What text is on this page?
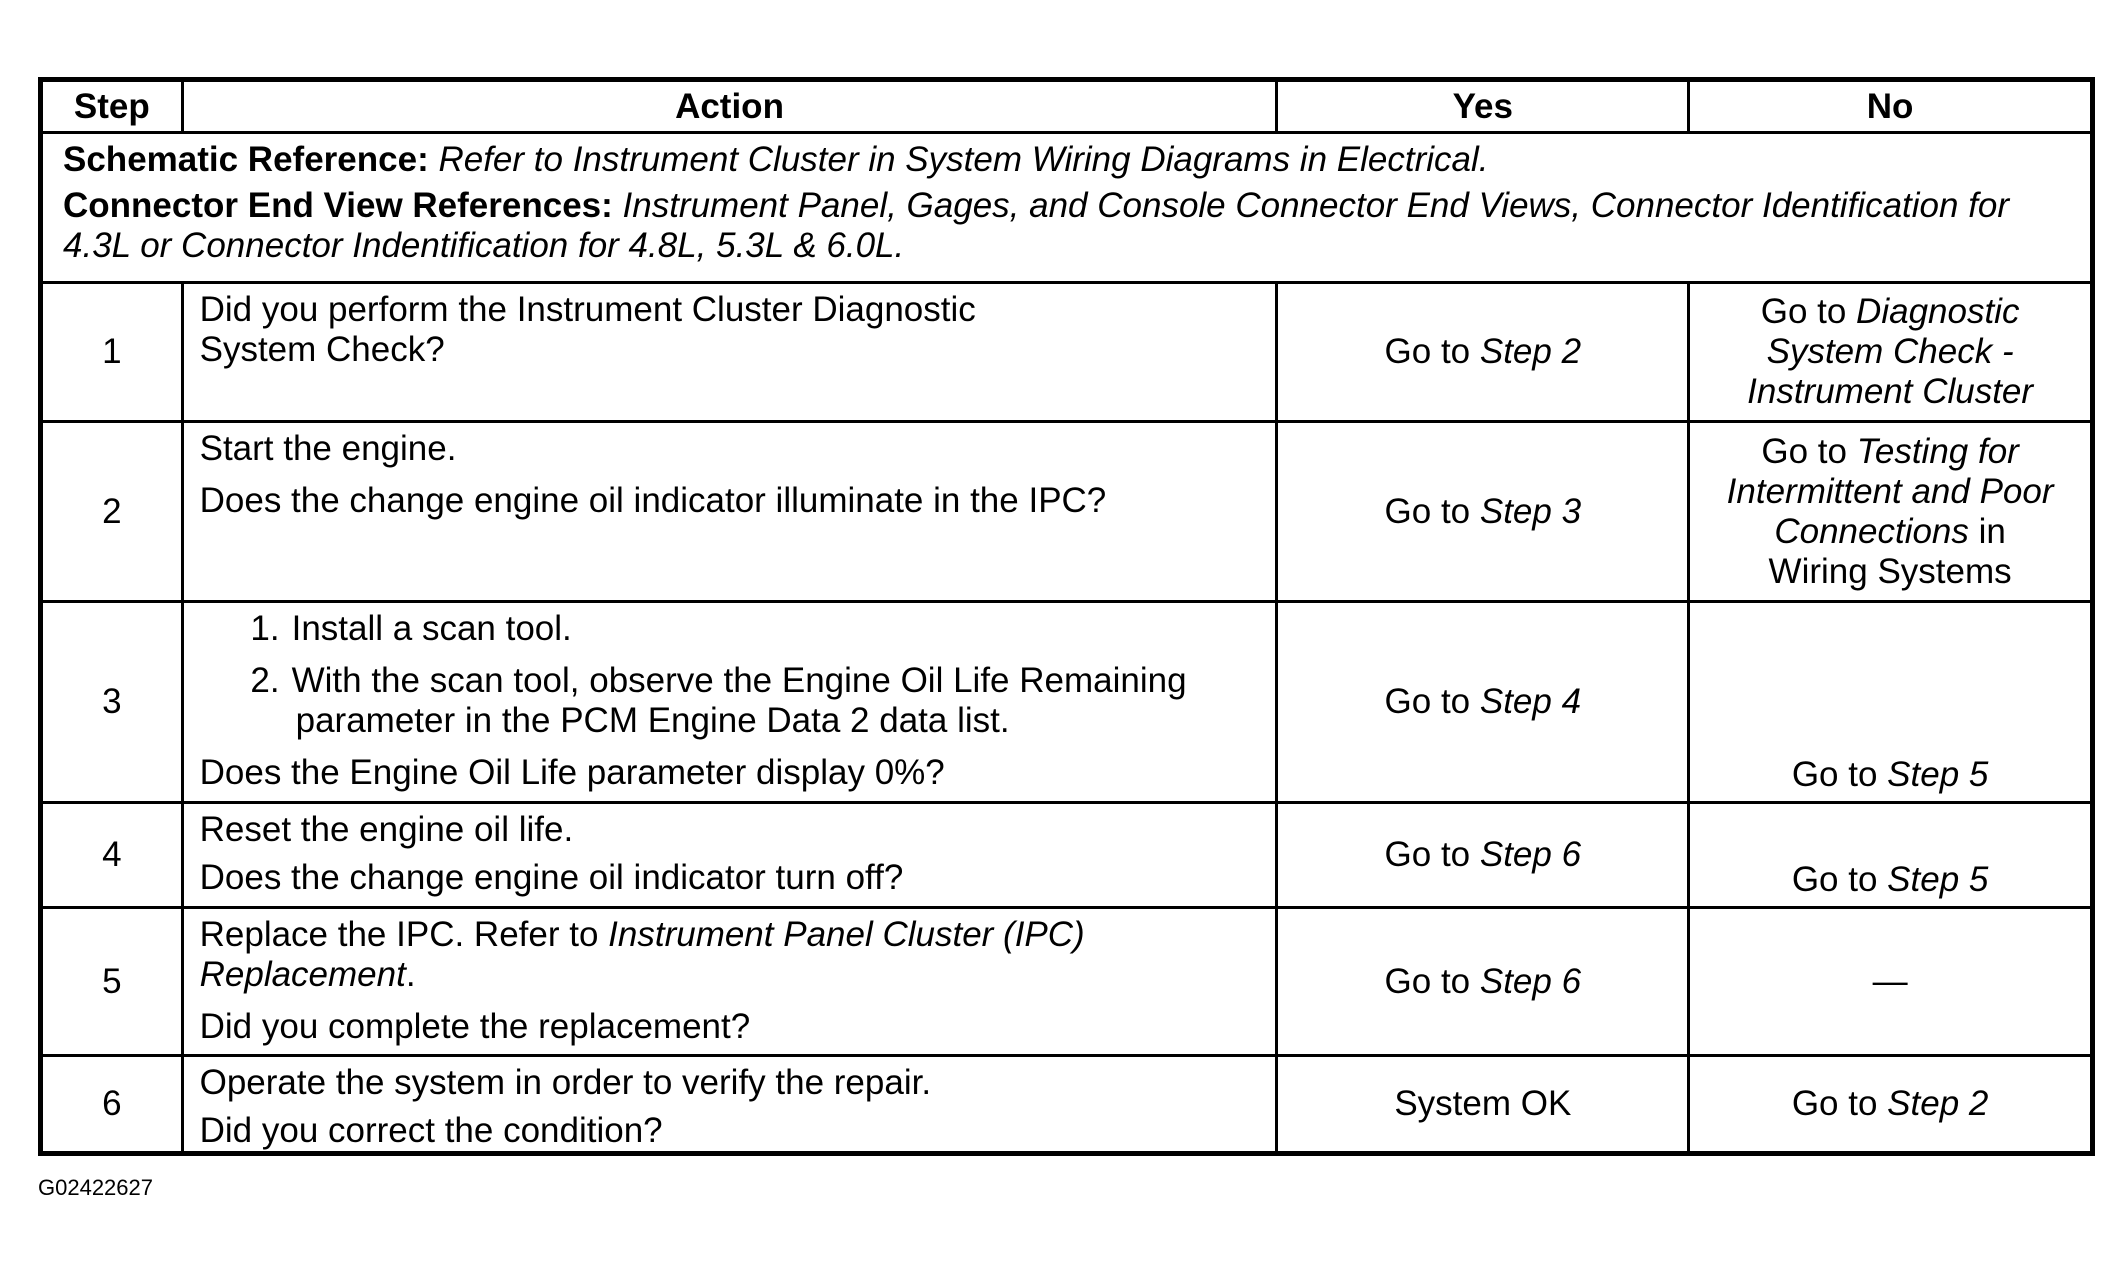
Step	Action	Yes	No

Schematic Reference: Refer to Instrument Cluster in System Wiring Diagrams in Electrical.
Connector End View References: Instrument Panel, Gages, and Console Connector End Views, Connector Identification for 4.3L or Connector Indentification for 4.8L, 5.3L & 6.0L.			

1	Did you perform the Instrument Cluster Diagnostic
System Check?	Go to Step 2	Go to Diagnostic
System Check -
Instrument Cluster

2	Start the engine.
Does the change engine oil indicator illuminate in the IPC?	Go to Step 3	Go to Testing for
Intermittent and Poor
Connections in
Wiring Systems

3	1. Install a scan tool.
2. With the scan tool, observe the Engine Oil Life Remaining
parameter in the PCM Engine Data 2 data list.
Does the Engine Oil Life parameter display 0%?	Go to Step 4	Go to Step 5
4	Reset the engine oil life.
Does the change engine oil indicator turn off?	Go to Step 6	Go to Step 5
5	Replace the IPC. Refer to Instrument Panel Cluster (IPC)
Replacement.
Did you complete the replacement?	Go to Step 6	—
6	Operate the system in order to verify the repair.
Did you correct the condition?	System OK	Go to Step 2
G02422627
